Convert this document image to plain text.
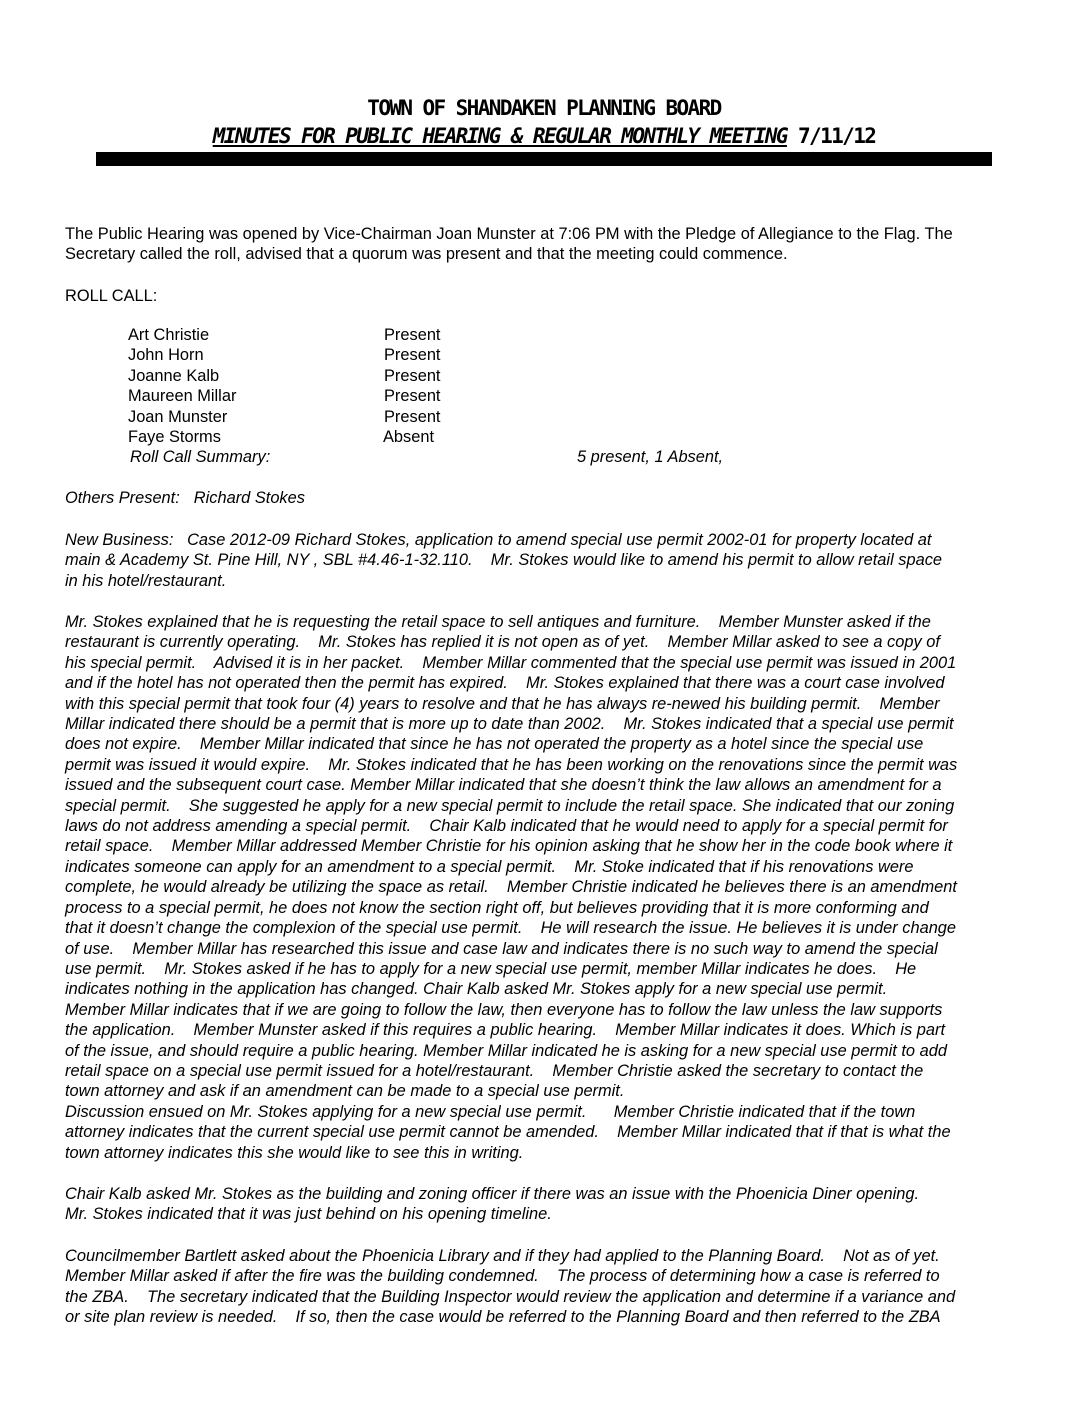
TOWN OF SHANDAKEN PLANNING BOARD
MINUTES FOR PUBLIC HEARING & REGULAR MONTHLY MEETING 7/11/12

The Public Hearing was opened by Vice-Chairman Joan Munster at 7:06 PM with the Pledge of Allegiance to the Flag. The
Secretary called the roll, advised that a quorum was present and that the meeting could commence.

ROLL CALL:

Art Christie	Present
John Horn	Present
Joanne Kalb	Present
Maureen Millar	Present
Joan Munster	Present
Faye Storms	Absent
Roll Call Summary:	5 present, 1 Absent,

Others Present: Richard Stokes

New Business:   Case 2012-09 Richard Stokes, application to amend special use permit 2002-01 for property located at
main & Academy St. Pine Hill, NY , SBL #4.46-1-32.110.    Mr. Stokes would like to amend his permit to allow retail space
in his hotel/restaurant.

Mr. Stokes explained that he is requesting the retail space to sell antiques and furniture.    Member Munster asked if the
restaurant is currently operating.    Mr. Stokes has replied it is not open as of yet.    Member Millar asked to see a copy of
his special permit.    Advised it is in her packet.    Member Millar commented that the special use permit was issued in 2001
and if the hotel has not operated then the permit has expired.    Mr. Stokes explained that there was a court case involved
with this special permit that took four (4) years to resolve and that he has always re-newed his building permit.    Member
Millar indicated there should be a permit that is more up to date than 2002.    Mr. Stokes indicated that a special use permit
does not expire.    Member Millar indicated that since he has not operated the property as a hotel since the special use
permit was issued it would expire.    Mr. Stokes indicated that he has been working on the renovations since the permit was
issued and the subsequent court case. Member Millar indicated that she doesn’t think the law allows an amendment for a
special permit.    She suggested he apply for a new special permit to include the retail space. She indicated that our zoning
laws do not address amending a special permit.    Chair Kalb indicated that he would need to apply for a special permit for
retail space.    Member Millar addressed Member Christie for his opinion asking that he show her in the code book where it
indicates someone can apply for an amendment to a special permit.    Mr. Stoke indicated that if his renovations were
complete, he would already be utilizing the space as retail.    Member Christie indicated he believes there is an amendment
process to a special permit, he does not know the section right off, but believes providing that it is more conforming and
that it doesn’t change the complexion of the special use permit.    He will research the issue. He believes it is under change
of use.    Member Millar has researched this issue and case law and indicates there is no such way to amend the special
use permit.    Mr. Stokes asked if he has to apply for a new special use permit, member Millar indicates he does.    He
indicates nothing in the application has changed. Chair Kalb asked Mr. Stokes apply for a new special use permit.
Member Millar indicates that if we are going to follow the law, then everyone has to follow the law unless the law supports
the application.    Member Munster asked if this requires a public hearing.    Member Millar indicates it does. Which is part
of the issue, and should require a public hearing. Member Millar indicated he is asking for a new special use permit to add
retail space on a special use permit issued for a hotel/restaurant.    Member Christie asked the secretary to contact the
town attorney and ask if an amendment can be made to a special use permit.
Discussion ensued on Mr. Stokes applying for a new special use permit.      Member Christie indicated that if the town
attorney indicates that the current special use permit cannot be amended.    Member Millar indicated that if that is what the
town attorney indicates this she would like to see this in writing.

Chair Kalb asked Mr. Stokes as the building and zoning officer if there was an issue with the Phoenicia Diner opening.
Mr. Stokes indicated that it was just behind on his opening timeline.

Councilmember Bartlett asked about the Phoenicia Library and if they had applied to the Planning Board.    Not as of yet.
Member Millar asked if after the fire was the building condemned.    The process of determining how a case is referred to
the ZBA.    The secretary indicated that the Building Inspector would review the application and determine if a variance and
or site plan review is needed.    If so, then the case would be referred to the Planning Board and then referred to the ZBA
